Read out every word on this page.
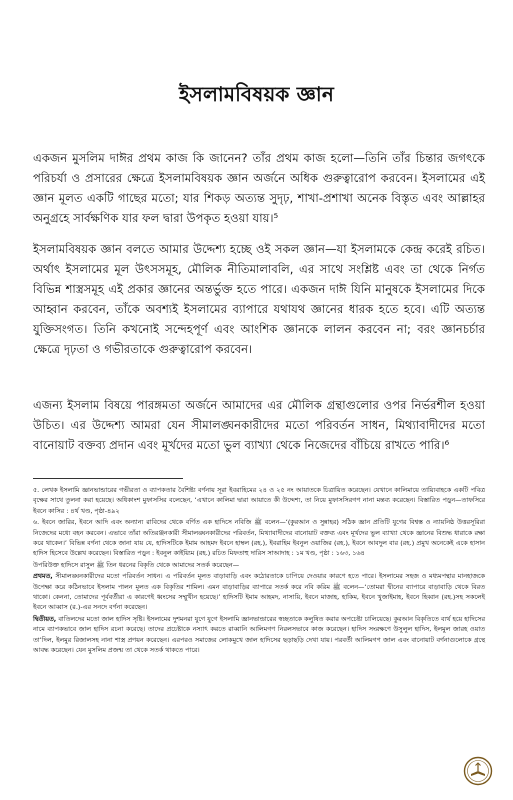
ইসলামবিষয়ক জ্ঞান
একজন মুসলিম দাঈর প্রথম কাজ কি জানেন? তাঁর প্রথম কাজ হলো—তিনি তাঁর চিন্তার জগৎকে পরিচর্যা ও প্রসারের ক্ষেত্রে ইসলামবিষয়ক জ্ঞান অর্জনে অধিক গুরুত্বারোপ করবেন। ইসলামের এই জ্ঞান মূলত একটি গাছের মতো; যার শিকড় অত্যন্ত সুদৃঢ়, শাখা-প্রশাখা অনেক বিস্তৃত এবং আল্লাহর অনুগ্রহে সার্বক্ষণিক যার ফল দ্বারা উপকৃত হওয়া যায়।⁵
ইসলামবিষয়ক জ্ঞান বলতে আমার উদ্দেশ্য হচ্ছে ওই সকল জ্ঞান—যা ইসলামকে কেন্দ্র করেই রচিত। অর্থাৎ ইসলামের মূল উৎসসমূহ, মৌলিক নীতিমালাবলি, এর সাথে সংশ্লিষ্ট এবং তা থেকে নির্গত বিভিন্ন শাস্ত্রসমূহ এই প্রকার জ্ঞানের অন্তর্ভুক্ত হতে পারে। একজন দাঈ যিনি মানুষকে ইসলামের দিকে আহ্বান করবেন, তাঁকে অবশ্যই ইসলামের ব্যাপারে যথাযথ জ্ঞানের ধারক হতে হবে। এটি অত্যন্ত যুক্তিসংগত। তিনি কখনোই সন্দেহপূর্ণ এবং আংশিক জ্ঞানকে লালন করবেন না; বরং জ্ঞানচর্চার ক্ষেত্রে দৃঢ়তা ও গভীরতাকে গুরুত্বারোপ করবেন।
এজন্য ইসলাম বিষয়ে পারঙ্গমতা অর্জনে আমাদের এর মৌলিক গ্রন্থাগুলোর ওপর নির্ভরশীল হওয়া উচিত। এর উদ্দেশ্য আমরা যেন সীমালঙ্ঘনকারীদের মতো পরিবর্তন সাধন, মিথ্যাবাদীদের মতো বানোয়াট বক্তব্য প্রদান এবং মূর্খদের মতো ভুল ব্যাখ্যা থেকে নিজেদের বাঁচিয়ে রাখতে পারি।⁶

৫. লেখক ইসলামি জ্ঞানভান্ডারের গভীরতা ও ব্যাপকতার বৈশিষ্ট্য বর্ণনায় সূরা ইবরাহিমের ২৪ ও ২৫ নং আয়াতকে চিত্রায়িত করেছেন। যেখানে কালিমায়ে তায়্যিবাহকে একটি পবিত্র বৃক্ষের সাথে তুলনা করা হয়েছে। অধিকাংশ মুফাসসির বলেছেন, ‘এখানে কালিমা দ্বারা আয়াতে কী উদ্দেশ্য, তা নিয়ে মুফাসসিরগণ নানা মন্তব্য করেছেন। বিস্তারিত পড়ুন—তাফসিরে ইবনে কাসির : ৪র্থ খণ্ড, পৃষ্ঠা-৪৯২

৬. ইবনে জারির, ইবনে আদি এবং অন্যান্য রাবিদের থেকে বর্ণিত এক হাদিসে নবিজি ﷺ বলেন—‘(কুরআন ও সুন্নাহর) সঠিক জ্ঞান প্রতিটি যুগের বিশ্বস্ত ও ন্যায়নিষ্ঠ উত্তরসূরিরা নিজেদের মধ্যে বহন করবেন। এভাবে তাঁরা অতিরঞ্জনকারী সীমালঙ্ঘনকারীদের পরিবর্তন, মিথ্যাবাদীদের বানোয়াট বক্তব্য এবং মূর্খদের ভুল ব্যাখ্যা থেকে জ্ঞানের বিশুদ্ধ ধারাকে রক্ষা করে থাকেন।’ বিভিন্ন বর্ণনা থেকে জানা যায় যে, হাদিসটিকে ইমাম আহমদ ইবনে হাম্বল (রহ.), ইবরাহিম ইবনুল ওয়াজির (রহ.), ইবনে আবদুল বার (রহ.) প্রমুখ অনেকেই একে হাসান হাদিস হিসেবে উল্লেখ করেছেন। বিস্তারিত পড়ুন : ইবনুল কাইয়্যিম (রহ.) রচিত মিফতাহু দারিস সাআদাহ : ১ম খণ্ড, পৃষ্ঠা : ১৬৩, ১৬৪

উপরিউক্ত হাদিসে রাসুল ﷺ তিন ধরনের বিকৃতি থেকে আমাদের সতর্ক করেছেন—

প্রথমত, সীমালঙ্ঘনকারীদের মতো পরিবর্তন সাধন। এ পরিবর্তন মূলত বাড়াবাড়ি এবং কঠোরতাকে চাপিয়ে দেওয়ার কারণে হতে পারে। ইসলামের সহজ ও মধ্যমপন্থার মানহাজকে উপেক্ষা করে কঠিনভাবে ইসলাম পালন মূলত এক বিকৃতির শামিল। এমন বাড়াবাড়ির ব্যাপারে সতর্ক করে নবি করিম ﷺ বলেন—‘তোমরা দ্বীনের ব্যাপারে বাড়াবাড়ি থেকে বিরত থাকো। কেননা, তোমাদের পূর্ববর্তীরা এ কারণেই ধ্বংসের সম্মুখীন হয়েছে।’ হাদিসটি ইমাম আহমদ, নাসায়ি, ইবনে মাজাহ, হাকিম, ইবনে খুজাইমাহ, ইবনে হিব্বান (রহ.)সহ সকলেই ইবনে আব্বাস (র.)-এর সনদে বর্ণনা করেছেন।

দ্বিতীয়ত, বাতিলদের মতো জাল হাদিস সৃষ্টি। ইসলামের দুশমনরা যুগে যুগে ইসলামি জ্ঞানভান্ডারের স্বচ্ছতাকে কলুষিত করার অপচেষ্টা চালিয়েছে। কুরআন বিকৃতিতে ব্যর্থ হয়ে হাদিসের নামে ব্যাপকভাবে জাল হাদিস রচনা করেছে। তাদের প্রচেষ্টাকে নস্যাৎ করতে রাব্বানি আলিমগণ নিরলসভাবে কাজ করেছেন। হাদিস সংরক্ষণে উসুলুল হাদিস, ইলমুল জারহ ওয়াত তা’দিল, ইলমুর রিজালসহ নানা শাস্ত্র প্রণয়ন করেছেন। এরপরও সমাজের লোকমুখে জাল হাদিসের ছড়াছড়ি দেখা যায়। পরবর্তী আলিমগণ জাল এবং বানোয়াট বর্ণনাগুলোকে গ্রন্থে আবদ্ধ করেছেন। যেন মুসলিম প্রজন্ম তা থেকে সতর্ক থাকতে পারে।
